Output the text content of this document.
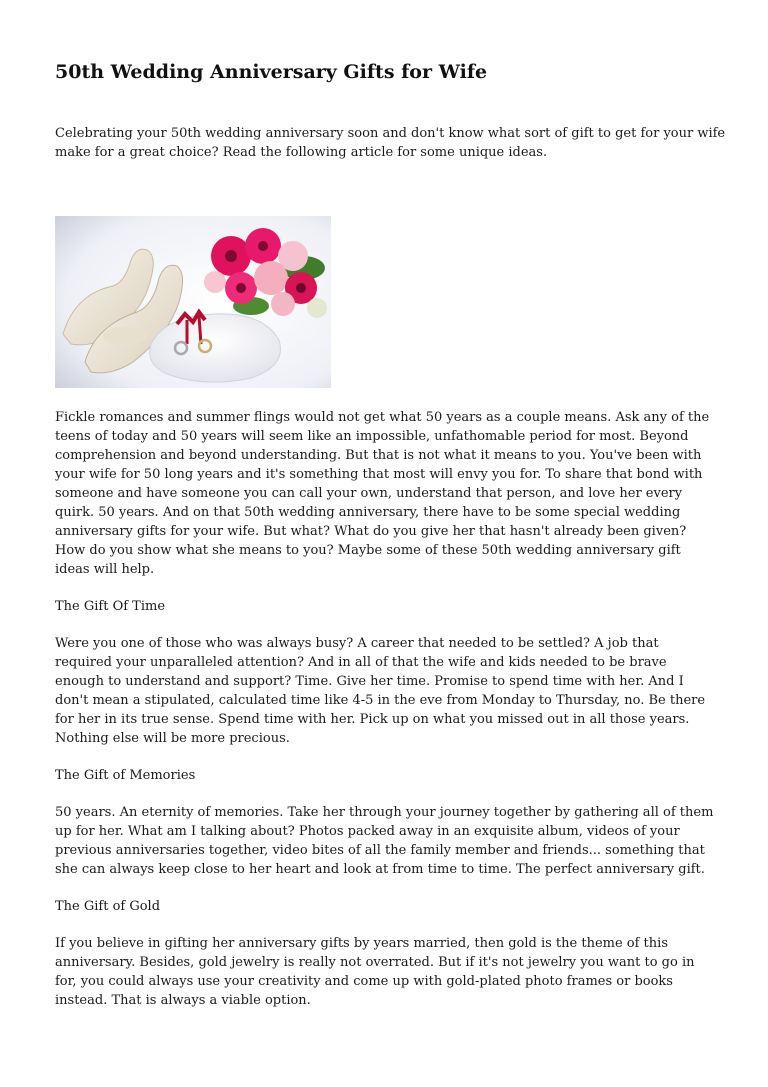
50th Wedding Anniversary Gifts for Wife

Celebrating your 50th wedding anniversary soon and don't know what sort of gift to get for your wife make for a great choice? Read the following article for some unique ideas.

Fickle romances and summer flings would not get what 50 years as a couple means. Ask any of the teens of today and 50 years will seem like an impossible, unfathomable period for most. Beyond comprehension and beyond understanding. But that is not what it means to you. You've been with your wife for 50 long years and it's something that most will envy you for. To share that bond with someone and have someone you can call your own, understand that person, and love her every quirk. 50 years. And on that 50th wedding anniversary, there have to be some special wedding anniversary gifts for your wife. But what? What do you give her that hasn't already been given? How do you show what she means to you? Maybe some of these 50th wedding anniversary gift ideas will help.

The Gift Of Time

Were you one of those who was always busy? A career that needed to be settled? A job that required your unparalleled attention? And in all of that the wife and kids needed to be brave enough to understand and support? Time. Give her time. Promise to spend time with her. And I don't mean a stipulated, calculated time like 4-5 in the eve from Monday to Thursday, no. Be there for her in its true sense. Spend time with her. Pick up on what you missed out in all those years. Nothing else will be more precious.

The Gift of Memories

50 years. An eternity of memories. Take her through your journey together by gathering all of them up for her. What am I talking about? Photos packed away in an exquisite album, videos of your previous anniversaries together, video bites of all the family member and friends... something that she can always keep close to her heart and look at from time to time. The perfect anniversary gift.

The Gift of Gold

If you believe in gifting her anniversary gifts by years married, then gold is the theme of this anniversary. Besides, gold jewelry is really not overrated. But if it's not jewelry you want to go in for, you could always use your creativity and come up with gold-plated photo frames or books instead. That is always a viable option.
